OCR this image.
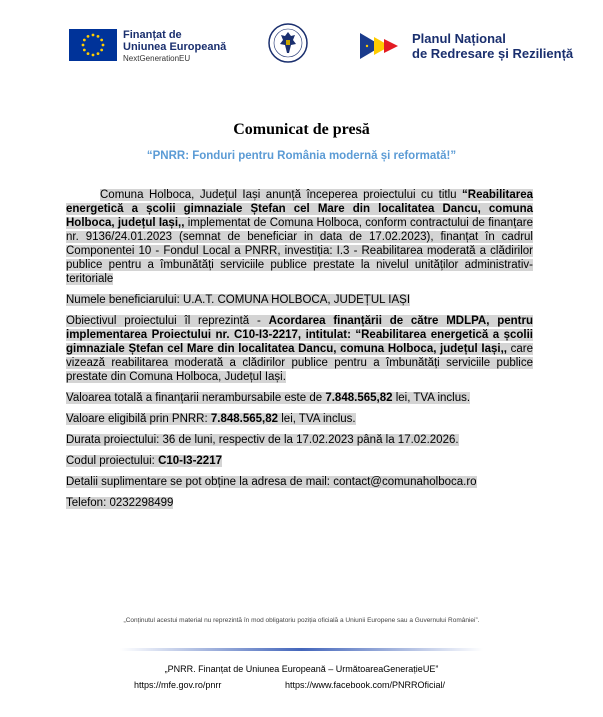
Finanțat de
Uniunea Europeană
NextGenerationEU
Planul Național
de Redresare și Reziliență
Comunicat de presă
“PNRR: Fonduri pentru România modernă și reformată!”

Comuna Holboca, Județul Iași anunță începerea proiectului cu titlu “Reabilitarea energetică a școlii gimnaziale Ștefan cel Mare din localitatea Dancu, comuna Holboca, județul Iași,, implementat de Comuna Holboca, conform contractului de finanțare nr. 9136/24.01.2023 (semnat de beneficiar in data de 17.02.2023), finanțat în cadrul Componentei 10 - Fondul Local a PNRR, investiția: I.3 - Reabilitarea moderată a clădirilor publice pentru a îmbunătăți serviciile publice prestate la nivelul unităților administrativ-teritoriale

Numele beneficiarului: U.A.T. COMUNA HOLBOCA, JUDEȚUL IAȘI

Obiectivul proiectului îl reprezintă - Acordarea finanțării de către MDLPA, pentru implementarea Proiectului nr. C10-I3-2217, intitulat: “Reabilitarea energetică a școlii gimnaziale Ștefan cel Mare din localitatea Dancu, comuna Holboca, județul Iași,, care vizează reabilitarea moderată a clădirilor publice pentru a îmbunătăți serviciile publice prestate din Comuna Holboca, Județul Iași.

Valoarea totală a finanțarii nerambursabile este de 7.848.565,82 lei, TVA inclus.

Valoare eligibilă prin PNRR: 7.848.565,82 lei, TVA inclus.

Durata proiectului: 36 de luni, respectiv de la 17.02.2023 până la 17.02.2026.

Codul proiectului: C10-I3-2217

Detalii suplimentare se pot obține la adresa de mail: contact@comunaholboca.ro

Telefon: 0232298499

„Conținutul acestui material nu reprezintă în mod obligatoriu poziția oficială a Uniunii Europene sau a Guvernului României”.
„PNRR. Finanțat de Uniunea Europeană – UrmătoareaGenerațieUE”
https://mfe.gov.ro/pnrr	https://www.facebook.com/PNRROficial/
